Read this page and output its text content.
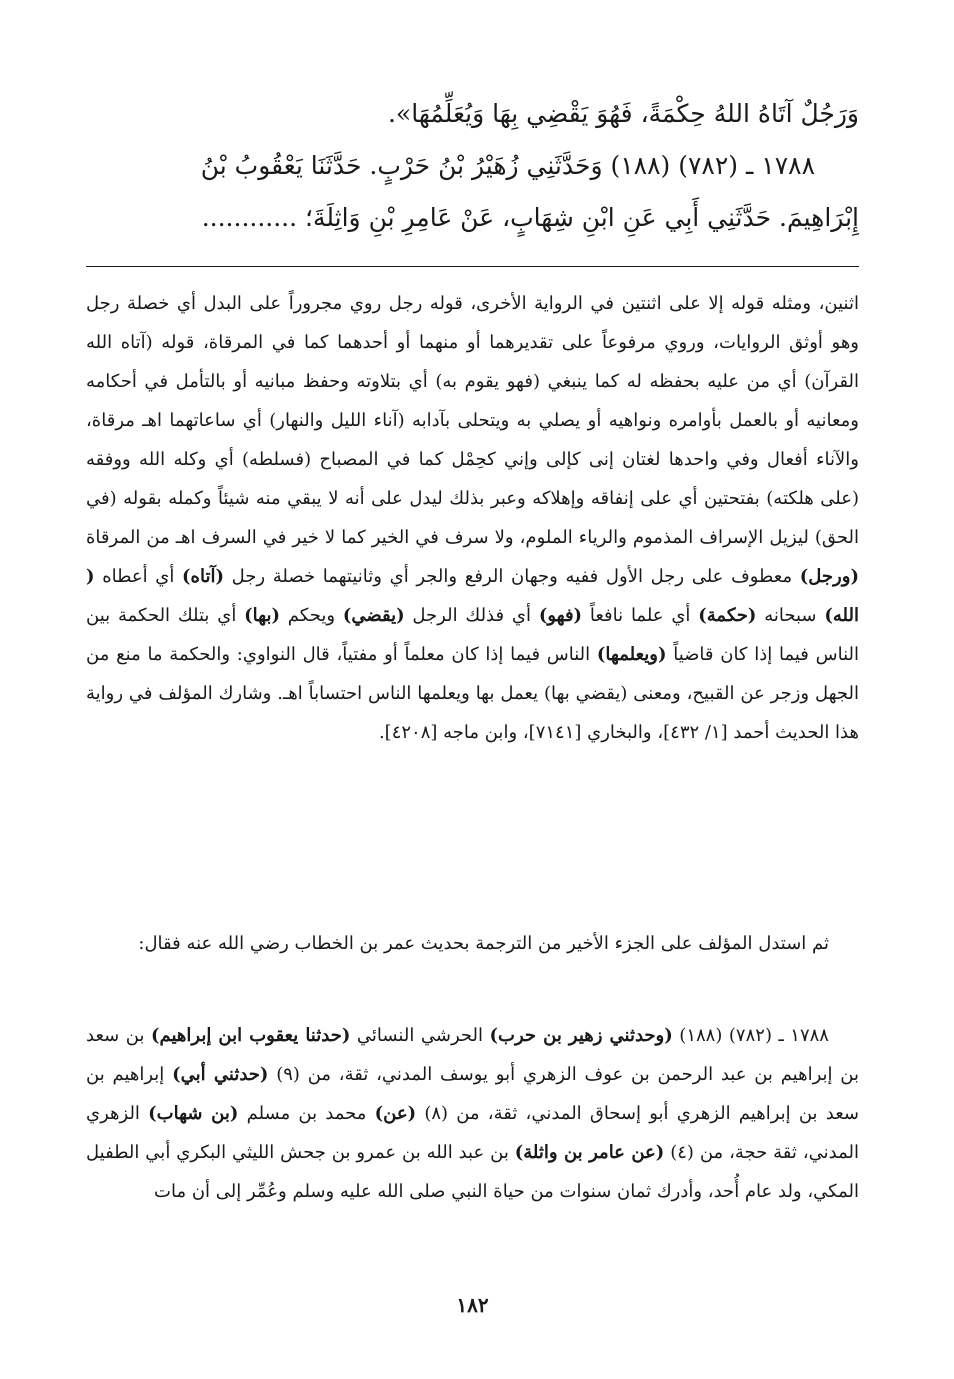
وَرَجُلٌ آتَاهُ اللهُ حِكْمَةً، فَهُوَ يَقْضِي بِهَا وَيُعَلِّمُهَا».
١٧٨٨ ـ (٧٨٢) (١٨٨) وَحَدَّثَنِي زُهَيْرُ بْنُ حَرْبٍ. حَدَّثَنَا يَعْقُوبُ بْنُ
إِبْرَاهِيمَ. حَدَّثَنِي أَبِي عَنِ ابْنِ شِهَابٍ، عَنْ عَامِرِ بْنِ وَاثِلَةَ؛ ............

اثنين، ومثله قوله إلا على اثنتين في الرواية الأخرى، قوله رجل روي مجروراً على البدل أي خصلة رجل وهو أوثق الروايات، وروي مرفوعاً على تقديرهما أو منهما أو أحدهما كما في المرقاة، قوله (آتاه الله القرآن) أي من عليه بحفظه له كما ينبغي (فهو يقوم به) أي بتلاوته وحفظ مبانيه أو بالتأمل في أحكامه ومعانيه أو بالعمل بأوامره ونواهيه أو يصلي به ويتحلى بآدابه (آناء الليل والنهار) أي ساعاتهما اهـ مرقاة، والآناء أفعال وفي واحدها لغتان إنى كإلى وإني كحِمْل كما في المصباح (فسلطه) أي وكله الله ووفقه (على هلكته) بفتحتين أي على إنفاقه وإهلاكه وعبر بذلك ليدل على أنه لا يبقي منه شيئاً وكمله بقوله (في الحق) ليزيل الإسراف المذموم والرياء الملوم، ولا سرف في الخير كما لا خير في السرف اهـ من المرقاة (ورجل) معطوف على رجل الأول ففيه وجهان الرفع والجر أي وثانيتهما خصلة رجل (آتاه) أي أعطاه ( الله) سبحانه (حكمة) أي علما نافعاً (فهو) أي فذلك الرجل (يقضي) ويحكم (بها) أي بتلك الحكمة بين الناس فيما إذا كان قاضياً (ويعلمها) الناس فيما إذا كان معلماً أو مفتياً، قال النواوي: والحكمة ما منع من الجهل وزجر عن القبيح، ومعنى (يقضي بها) يعمل بها ويعلمها الناس احتساباً اهـ. وشارك المؤلف في رواية هذا الحديث أحمد [١/ ٤٣٢]، والبخاري [٧١٤١]، وابن ماجه [٤٢٠٨].

ثم استدل المؤلف على الجزء الأخير من الترجمة بحديث عمر بن الخطاب رضي الله عنه فقال:

١٧٨٨ ـ (٧٨٢) (١٨٨) (وحدثني زهير بن حرب) الحرشي النسائي (حدثنا يعقوب ابن إبراهيم) بن سعد بن إبراهيم بن عبد الرحمن بن عوف الزهري أبو يوسف المدني، ثقة، من (٩) (حدثني أبي) إبراهيم بن سعد بن إبراهيم الزهري أبو إسحاق المدني، ثقة، من (٨) (عن) محمد بن مسلم (بن شهاب) الزهري المدني، ثقة حجة، من (٤) (عن عامر بن واثلة) بن عبد الله بن عمرو بن جحش الليثي البكري أبي الطفيل المكي، ولد عام أُحد، وأدرك ثمان سنوات من حياة النبي صلى الله عليه وسلم وعُمِّر إلى أن مات

١٨٢
